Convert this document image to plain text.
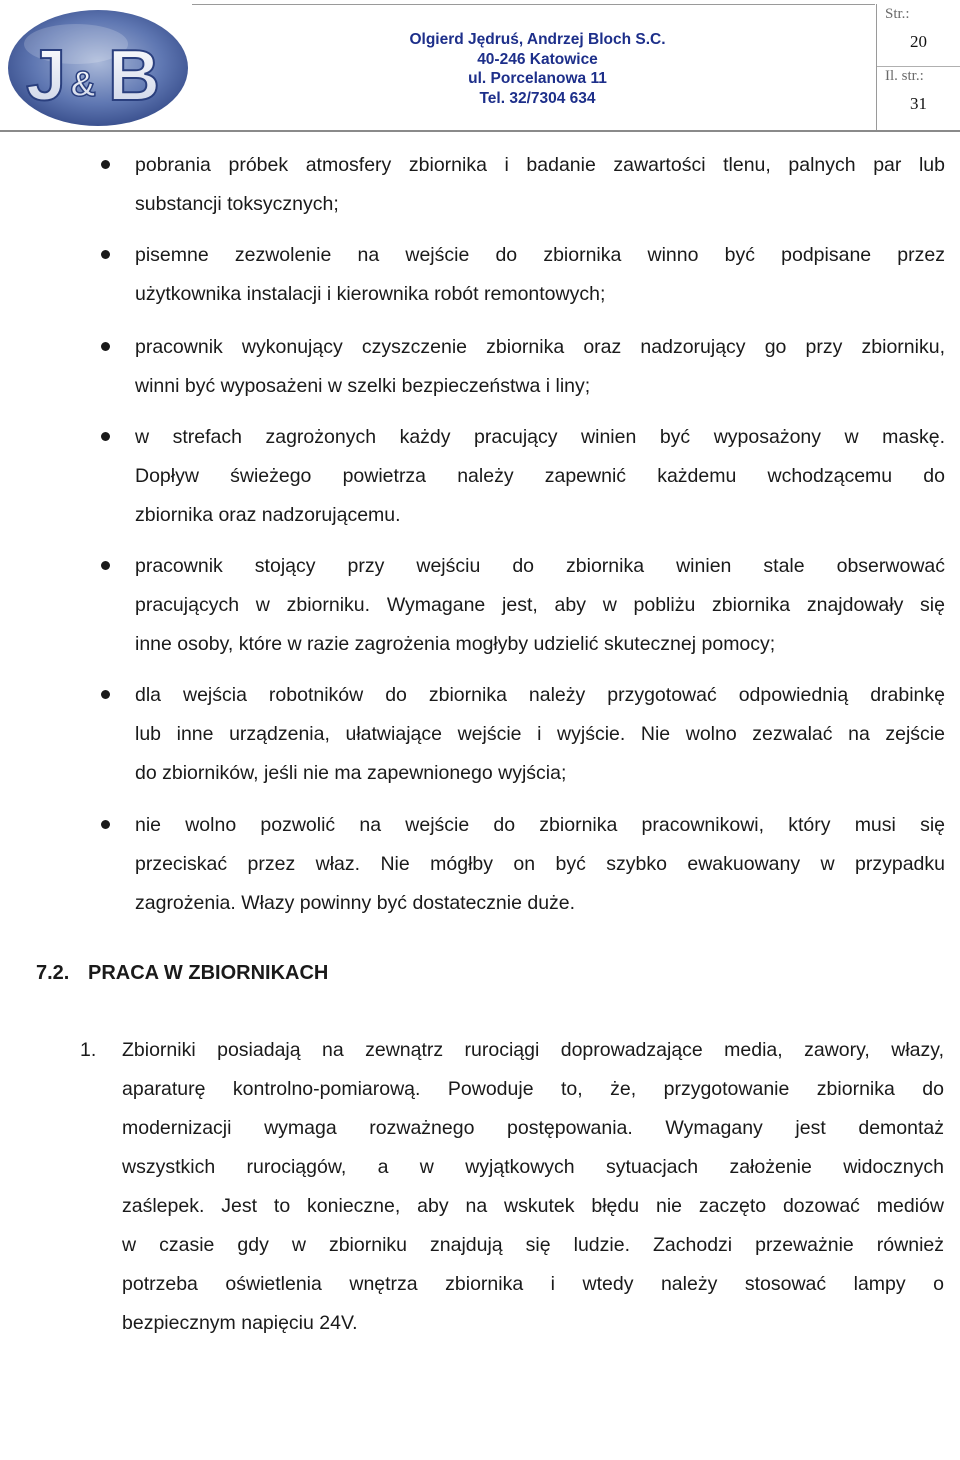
J & B	Olgierd Jędruś, Andrzej Bloch S.C.
40-246 Katowice
ul. Porcelanowa 11
Tel. 32/7304 634
Str.:
20
Il. str.:
31
pobrania próbek atmosfery zbiornika i badanie zawartości tlenu, palnych par lub
substancji toksycznych;
pisemne zezwolenie na wejście do zbiornika winno być podpisane przez
użytkownika instalacji i kierownika robót remontowych;
pracownik wykonujący czyszczenie zbiornika oraz nadzorujący go przy zbiorniku,
winni być wyposażeni w szelki bezpieczeństwa i liny;
w strefach zagrożonych każdy pracujący winien być wyposażony w maskę.
Dopływ świeżego powietrza należy zapewnić każdemu wchodzącemu do
zbiornika oraz nadzorującemu.
pracownik stojący przy wejściu do zbiornika winien stale obserwować
pracujących w zbiorniku. Wymagane jest, aby w pobliżu zbiornika znajdowały się
inne osoby, które w razie zagrożenia mogłyby udzielić skutecznej pomocy;
dla wejścia robotników do zbiornika należy przygotować odpowiednią drabinkę
lub inne urządzenia, ułatwiające wejście i wyjście. Nie wolno zezwalać na zejście
do zbiorników, jeśli nie ma zapewnionego wyjścia;
nie wolno pozwolić na wejście do zbiornika pracownikowi, który musi się
przeciskać przez właz. Nie mógłby on być szybko ewakuowany w przypadku
zagrożenia. Włazy powinny być dostatecznie duże.
7.2. PRACA W ZBIORNIKACH
1. Zbiorniki posiadają na zewnątrz rurociągi doprowadzające media, zawory, włazy,
aparaturę kontrolno-pomiarową. Powoduje to, że, przygotowanie zbiornika do
modernizacji wymaga rozważnego postępowania. Wymagany jest demontaż
wszystkich rurociągów, a w wyjątkowych sytuacjach założenie widocznych
zaślepek. Jest to konieczne, aby na wskutek błędu nie zaczęto dozować mediów
w czasie gdy w zbiorniku znajdują się ludzie. Zachodzi przeważnie również
potrzeba oświetlenia wnętrza zbiornika i wtedy należy stosować lampy o
bezpiecznym napięciu 24V.
